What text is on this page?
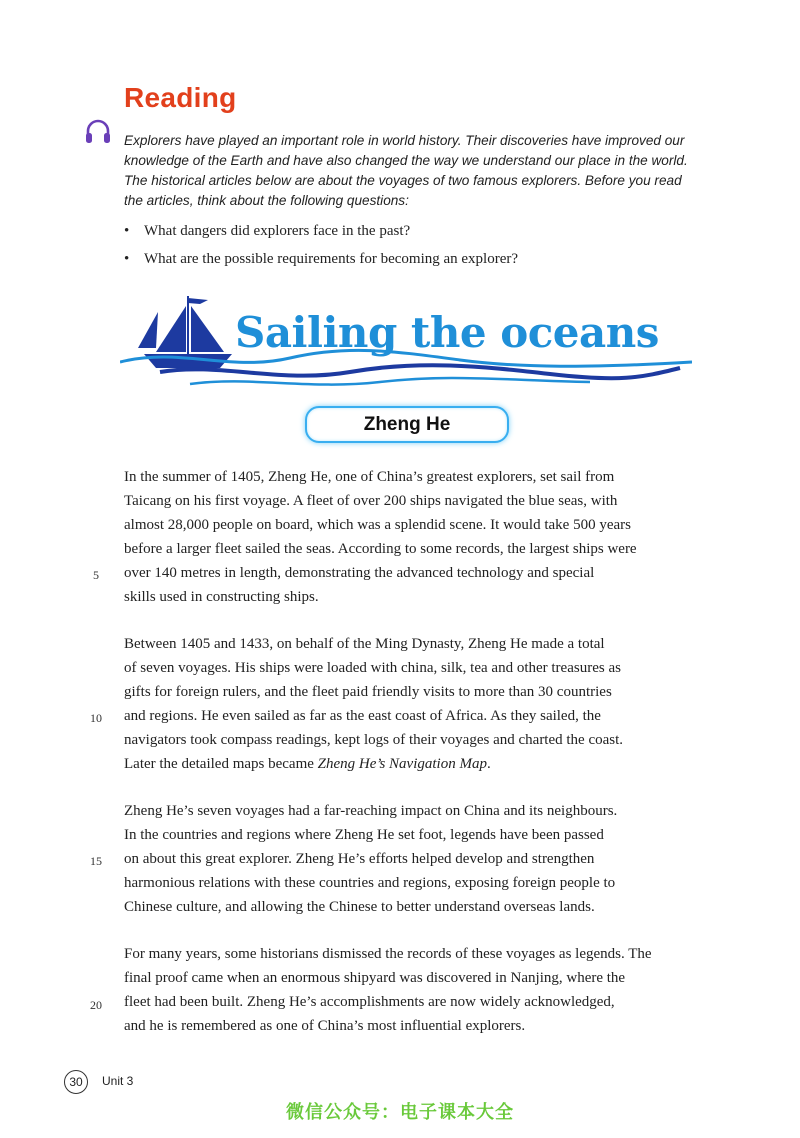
Reading

Explorers have played an important role in world history. Their discoveries have improved our knowledge of the Earth and have also changed the way we understand our place in the world. The historical articles below are about the voyages of two famous explorers. Before you read the articles, think about the following questions:

• What dangers did explorers face in the past?
• What are the possible requirements for becoming an explorer?
Sailing the oceans
Zheng He

In the summer of 1405, Zheng He, one of China’s greatest explorers, set sail from
Taicang on his first voyage. A fleet of over 200 ships navigated the blue seas, with
almost 28,000 people on board, which was a splendid scene. It would take 500 years
before a larger fleet sailed the seas. According to some records, the largest ships were
over 140 metres in length, demonstrating the advanced technology and special
skills used in constructing ships.

Between 1405 and 1433, on behalf of the Ming Dynasty, Zheng He made a total
of seven voyages. His ships were loaded with china, silk, tea and other treasures as
gifts for foreign rulers, and the fleet paid friendly visits to more than 30 countries
and regions. He even sailed as far as the east coast of Africa. As they sailed, the
navigators took compass readings, kept logs of their voyages and charted the coast.
Later the detailed maps became Zheng He’s Navigation Map.

Zheng He’s seven voyages had a far-reaching impact on China and its neighbours.
In the countries and regions where Zheng He set foot, legends have been passed
on about this great explorer. Zheng He’s efforts helped develop and strengthen
harmonious relations with these countries and regions, exposing foreign people to
Chinese culture, and allowing the Chinese to better understand overseas lands.

For many years, some historians dismissed the records of these voyages as legends. The
final proof came when an enormous shipyard was discovered in Nanjing, where the
fleet had been built. Zheng He’s accomplishments are now widely acknowledged,
and he is remembered as one of China’s most influential explorers.

5
10
15
20
30	Unit 3
微信公众号：电子课本大全
